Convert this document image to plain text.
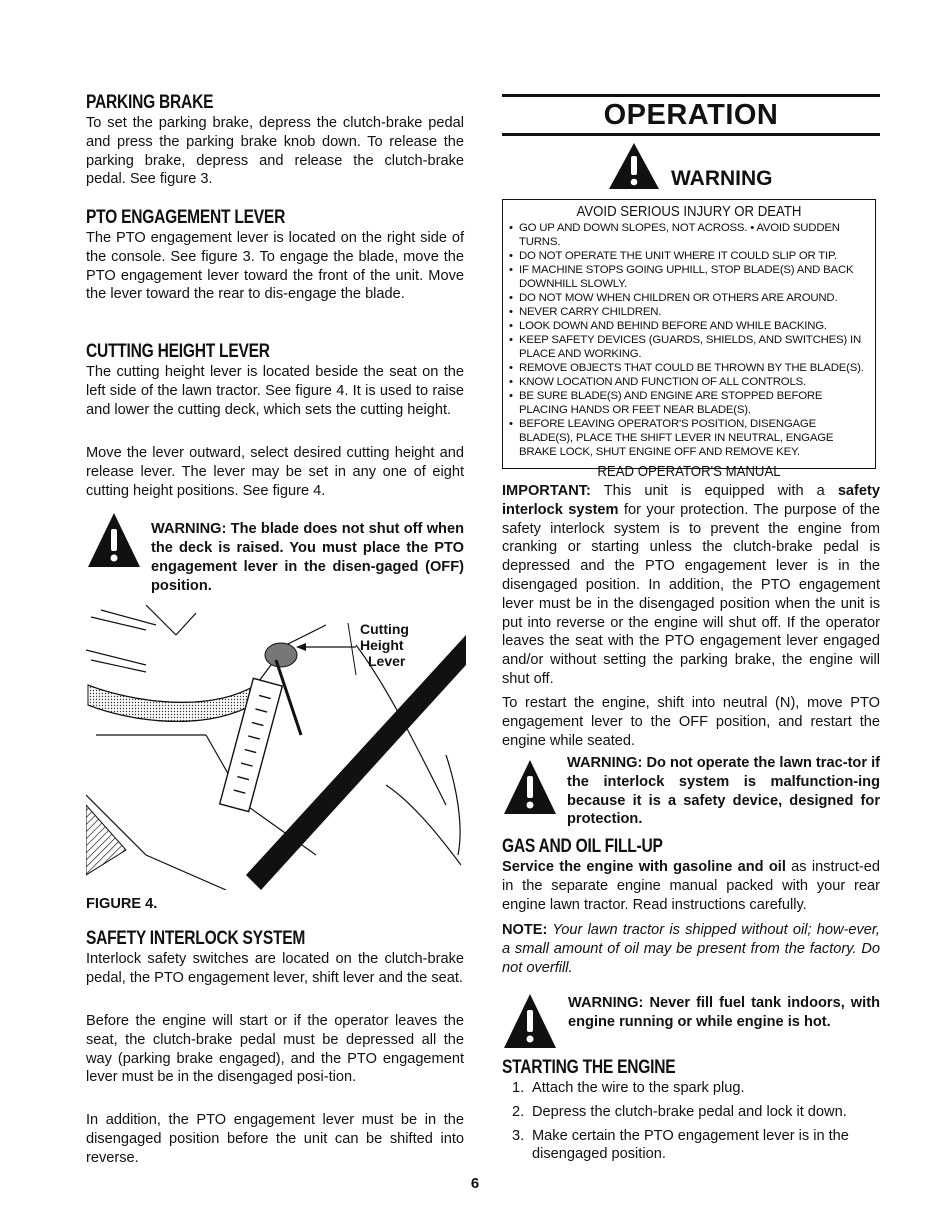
PARKING BRAKE

To set the parking brake, depress the clutch-brake pedal and press the parking brake knob down. To release the parking brake, depress and release the clutch-brake pedal. See figure 3.

PTO ENGAGEMENT LEVER

The PTO engagement lever is located on the right side of the console. See figure 3. To engage the blade, move the PTO engagement lever toward the front of the unit. Move the lever toward the rear to dis-engage the blade.

CUTTING HEIGHT LEVER

The cutting height lever is located beside the seat on the left side of the lawn tractor. See figure 4. It is used to raise and lower the cutting deck, which sets the cutting height.

Move the lever outward, select desired cutting height and release lever. The lever may be set in any one of eight cutting height positions. See figure 4.

WARNING: The blade does not shut off when the deck is raised. You must place the PTO engagement lever in the disen-gaged (OFF) position.

Cutting
Height
Lever
FIGURE 4.
SAFETY INTERLOCK SYSTEM

Interlock safety switches are located on the clutch-brake pedal, the PTO engagement lever, shift lever and the seat.

Before the engine will start or if the operator leaves the seat, the clutch-brake pedal must be depressed all the way (parking brake engaged), and the PTO engagement lever must be in the disengaged posi-tion.

In addition, the PTO engagement lever must be in the disengaged position before the unit can be shifted into reverse.

OPERATION
WARNING
AVOID SERIOUS INJURY OR DEATH
• GO UP AND DOWN SLOPES, NOT ACROSS. • AVOID SUDDEN TURNS.
• DO NOT OPERATE THE UNIT WHERE IT COULD SLIP OR TIP.
• IF MACHINE STOPS GOING UPHILL, STOP BLADE(S) AND BACK DOWNHILL SLOWLY.
• DO NOT MOW WHEN CHILDREN OR OTHERS ARE AROUND.
• NEVER CARRY CHILDREN.
• LOOK DOWN AND BEHIND BEFORE AND WHILE BACKING.
• KEEP SAFETY DEVICES (GUARDS, SHIELDS, AND SWITCHES) IN PLACE AND WORKING.
• REMOVE OBJECTS THAT COULD BE THROWN BY THE BLADE(S).
• KNOW LOCATION AND FUNCTION OF ALL CONTROLS.
• BE SURE BLADE(S) AND ENGINE ARE STOPPED BEFORE PLACING HANDS OR FEET NEAR BLADE(S).
• BEFORE LEAVING OPERATOR'S POSITION, DISENGAGE BLADE(S), PLACE THE SHIFT LEVER IN NEUTRAL, ENGAGE BRAKE LOCK, SHUT ENGINE OFF AND REMOVE KEY.
READ OPERATOR'S MANUAL

IMPORTANT: This unit is equipped with a safety interlock system for your protection. The purpose of the safety interlock system is to prevent the engine from cranking or starting unless the clutch-brake pedal is depressed and the PTO engagement lever is in the disengaged position. In addition, the PTO engagement lever must be in the disengaged position when the unit is put into reverse or the engine will shut off. If the operator leaves the seat with the PTO engagement lever engaged and/or without setting the parking brake, the engine will shut off.

To restart the engine, shift into neutral (N), move PTO engagement lever to the OFF position, and restart the engine while seated.

WARNING: Do not operate the lawn trac-tor if the interlock system is malfunction-ing because it is a safety device, designed for protection.

GAS AND OIL FILL-UP

Service the engine with gasoline and oil as instruct-ed in the separate engine manual packed with your rear engine lawn tractor. Read instructions carefully.

NOTE: Your lawn tractor is shipped without oil; how-ever, a small amount of oil may be present from the factory. Do not overfill.

WARNING: Never fill fuel tank indoors, with engine running or while engine is hot.

STARTING THE ENGINE
1. Attach the wire to the spark plug.
2. Depress the clutch-brake pedal and lock it down.
3. Make certain the PTO engagement lever is in the disengaged position.
6
